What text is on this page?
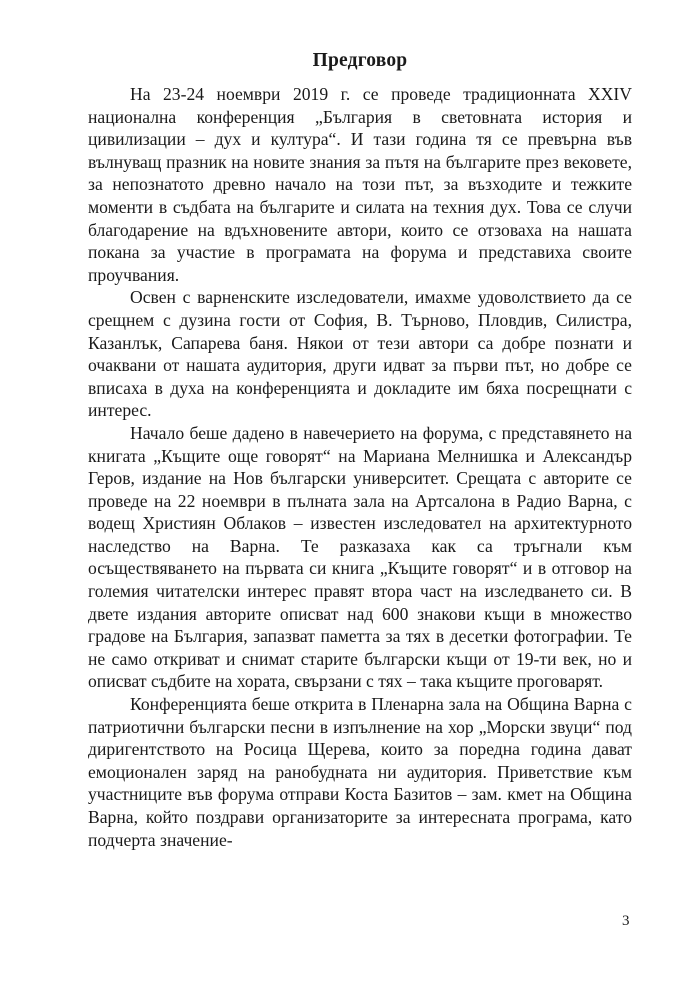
Предговор

На 23-24 ноември 2019 г. се проведе традиционната XXIV национална конференция „България в световната история и цивилизации – дух и култура“. И тази година тя се превърна във вълнуващ празник на новите знания за пътя на българите през вековете, за непознатото древно начало на този път, за възходите и тежките моменти в съдбата на българите и силата на техния дух. Това се случи благодарение на вдъхновените автори, които се отзоваха на нашата покана за участие в програмата на форума и представиха своите проучвания.

Освен с варненските изследователи, имахме удоволствието да се срещнем с дузина гости от София, В. Търново, Пловдив, Силистра, Казанлък, Сапарева баня. Някои от тези автори са добре познати и очаквани от нашата аудитория, други идват за първи път, но добре се вписаха в духа на конференцията и докладите им бяха посрещнати с интерес.

Начало беше дадено в навечерието на форума, с представянето на книгата „Къщите още говорят“ на Мариана Мелнишка и Александър Геров, издание на Нов български университет. Срещата с авторите се проведе на 22 ноември в пълната зала на Артсалона в Радио Варна, с водещ Християн Облаков – известен изследовател на архитектурното наследство на Варна. Те разказаха как са тръгнали към осъществяването на първата си книга „Къщите говорят“ и в отговор на големия читателски интерес правят втора част на изследването си. В двете издания авторите описват над 600 знакови къщи в множество градове на България, запазват паметта за тях в десетки фотографии. Те не само откриват и снимат старите български къщи от 19-ти век, но и описват съдбите на хората, свързани с тях – така къщите проговарят.

Конференцията беше открита в Пленарна зала на Община Варна с патриотични български песни в изпълнение на хор „Морски звуци“ под диригентството на Росица Щерева, които за поредна година дават емоционален заряд на ранобудната ни аудитория. Приветствие към участниците във форума отправи Коста Базитов – зам. кмет на Община Варна, който поздрави организаторите за интересната програма, като подчерта значение-

3
